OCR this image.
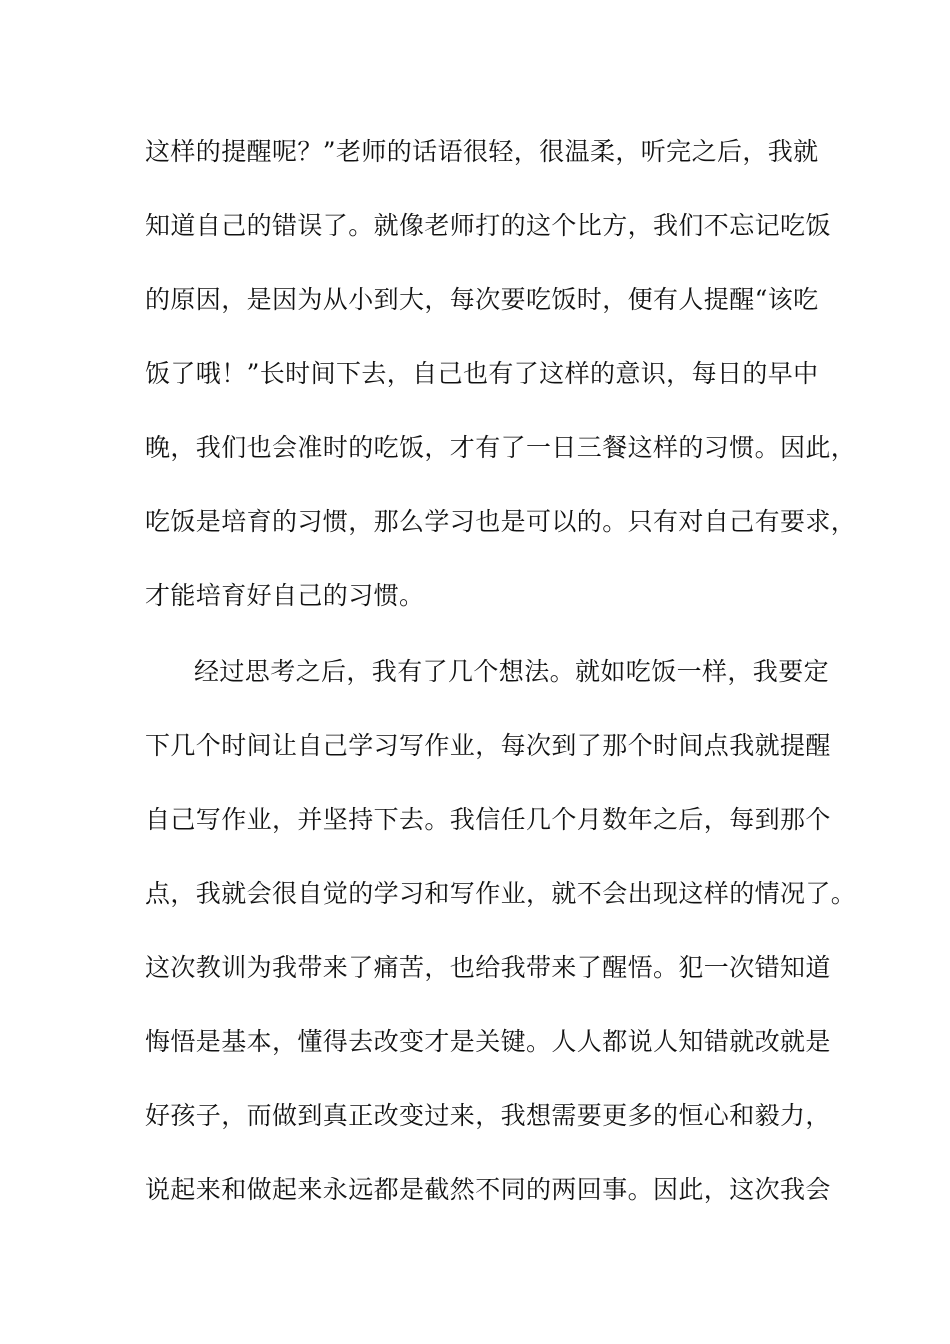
这样的提醒呢？”老师的话语很轻，很温柔，听完之后，我就
知道自己的错误了。就像老师打的这个比方，我们不忘记吃饭
的原因，是因为从小到大，每次要吃饭时，便有人提醒“该吃
饭了哦！”长时间下去，自己也有了这样的意识，每日的早中
晚，我们也会准时的吃饭，才有了一日三餐这样的习惯。因此，
吃饭是培育的习惯，那么学习也是可以的。只有对自己有要求，
才能培育好自己的习惯。
经过思考之后，我有了几个想法。就如吃饭一样，我要定
下几个时间让自己学习写作业，每次到了那个时间点我就提醒
自己写作业，并坚持下去。我信任几个月数年之后，每到那个
点，我就会很自觉的学习和写作业，就不会出现这样的情况了。
这次教训为我带来了痛苦，也给我带来了醒悟。犯一次错知道
悔悟是基本，懂得去改变才是关键。人人都说人知错就改就是
好孩子，而做到真正改变过来，我想需要更多的恒心和毅力，
说起来和做起来永远都是截然不同的两回事。因此，这次我会
